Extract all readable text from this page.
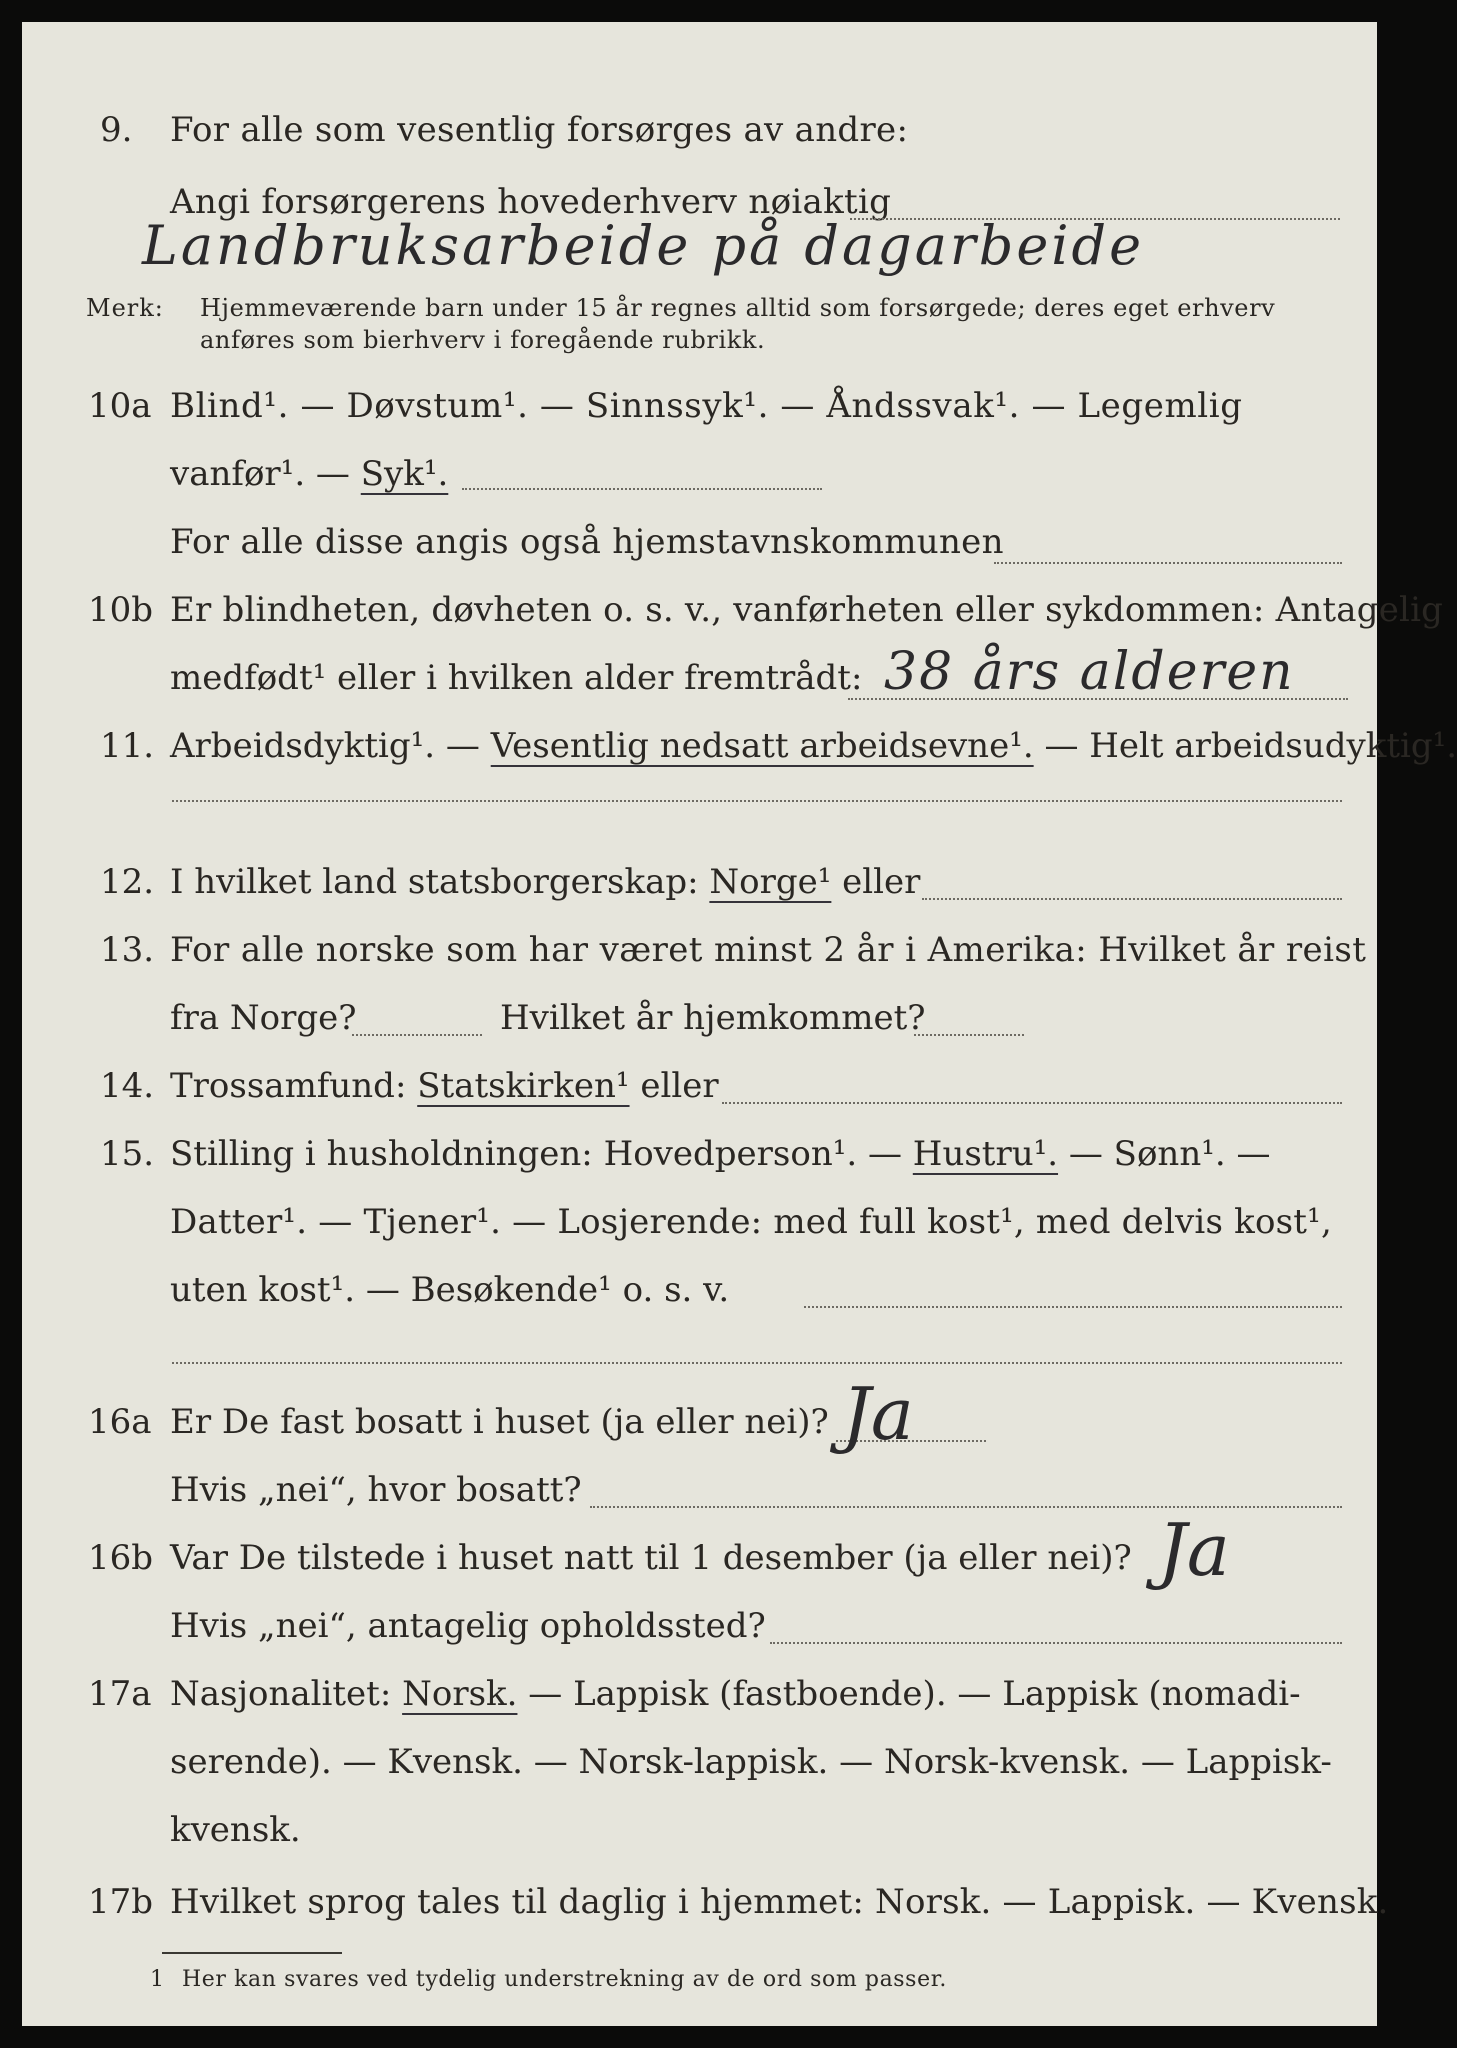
9. For alle som vesentlig forsørges av andre:
Angi forsørgerens hovederhverv nøiaktig
Landbruksarbeide på dagarbeide
Merk: Hjemmeværende barn under 15 år regnes alltid som forsørgede; deres eget erhverv
anføres som bierhverv i foregående rubrikk.
10a Blind¹. — Døvstum¹. — Sinnssyk¹. — Åndssvak¹. — Legemlig
vanfør¹. — Syk¹.
For alle disse angis også hjemstavnskommunen
10b Er blindheten, døvheten o. s. v., vanførheten eller sykdommen: Antagelig
medfødt¹ eller i hvilken alder fremtrådt: 38 års alderen
11. Arbeidsdyktig¹. — Vesentlig nedsatt arbeidsevne¹. — Helt arbeidsudyktig¹.
12. I hvilket land statsborgerskap: Norge¹ eller
13. For alle norske som har været minst 2 år i Amerika: Hvilket år reist
fra Norge?	Hvilket år hjemkommet?
14. Trossamfund: Statskirken¹ eller
15. Stilling i husholdningen: Hovedperson¹. — Hustru¹. — Sønn¹. —
Datter¹. — Tjener¹. — Losjerende: med full kost¹, med delvis kost¹,
uten kost¹. — Besøkende¹ o. s. v.
16a Er De fast bosatt i huset (ja eller nei)? Ja
Hvis „nei“, hvor bosatt?
16b Var De tilstede i huset natt til 1 desember (ja eller nei)? Ja
Hvis „nei“, antagelig opholdssted?
17a Nasjonalitet: Norsk. — Lappisk (fastboende). — Lappisk (nomadi-
serende). — Kvensk. — Norsk-lappisk. — Norsk-kvensk. — Lappisk-
kvensk.
17b Hvilket sprog tales til daglig i hjemmet: Norsk. — Lappisk. — Kvensk.
1 Her kan svares ved tydelig understrekning av de ord som passer.
